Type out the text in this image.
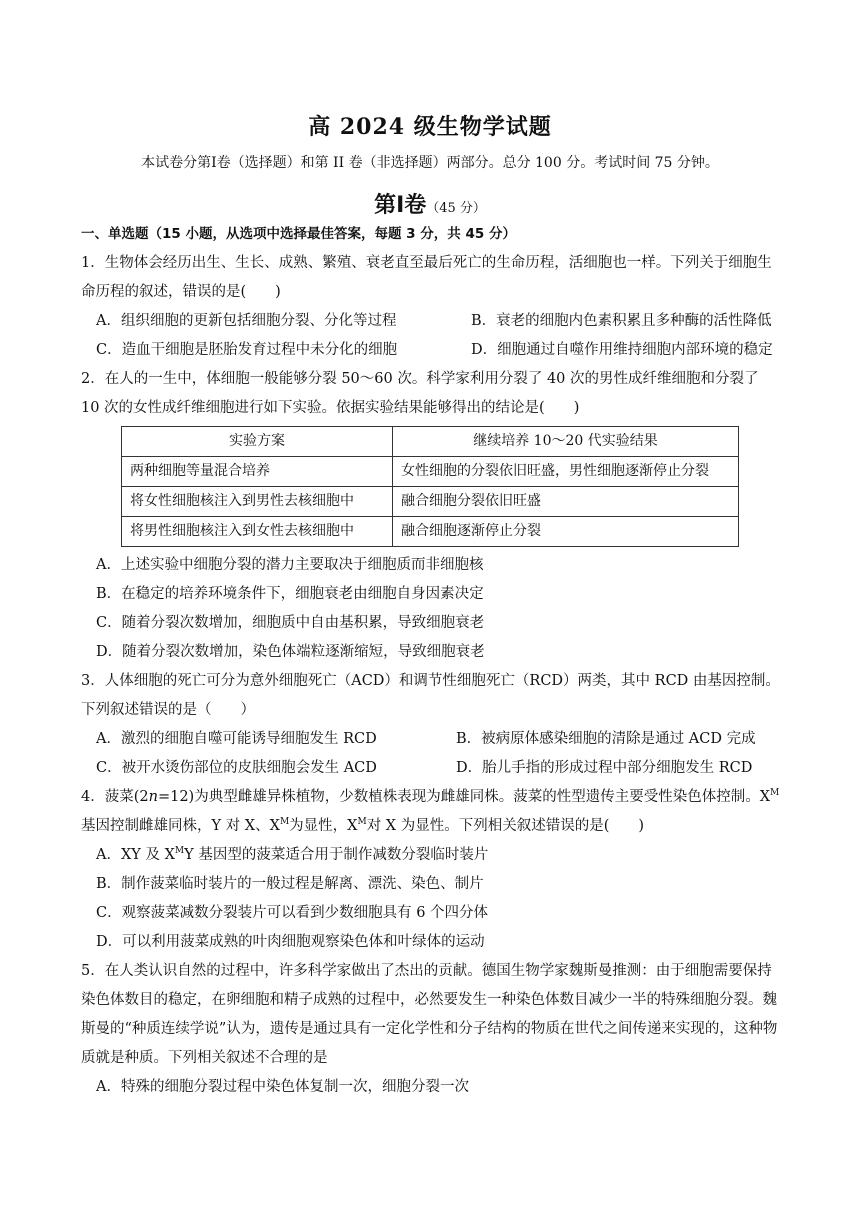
高 2024 级生物学试题
本试卷分第Ⅰ卷（选择题）和第 II 卷（非选择题）两部分。总分 100 分。考试时间 75 分钟。
第Ⅰ卷（45 分）

一、单选题（15 小题，从选项中选择最佳答案，每题 3 分，共 45 分）

1．生物体会经历出生、生长、成熟、繁殖、衰老直至最后死亡的生命历程，活细胞也一样。下列关于细胞生命历程的叙述，错误的是(　　)

A．组织细胞的更新包括细胞分裂、分化等过程	B．衰老的细胞内色素积累且多种酶的活性降低
C．造血干细胞是胚胎发育过程中未分化的细胞	D．细胞通过自噬作用维持细胞内部环境的稳定

2．在人的一生中，体细胞一般能够分裂 50～60 次。科学家利用分裂了 40 次的男性成纤维细胞和分裂了 10 次的女性成纤维细胞进行如下实验。依据实验结果能够得出的结论是(　　)

实验方案	继续培养 10～20 代实验结果
两种细胞等量混合培养	女性细胞的分裂依旧旺盛，男性细胞逐渐停止分裂
将女性细胞核注入到男性去核细胞中	融合细胞分裂依旧旺盛
将男性细胞核注入到女性去核细胞中	融合细胞逐渐停止分裂

A．上述实验中细胞分裂的潜力主要取决于细胞质而非细胞核

B．在稳定的培养环境条件下，细胞衰老由细胞自身因素决定

C．随着分裂次数增加，细胞质中自由基积累，导致细胞衰老

D．随着分裂次数增加，染色体端粒逐渐缩短，导致细胞衰老

3．人体细胞的死亡可分为意外细胞死亡（ACD）和调节性细胞死亡（RCD）两类，其中 RCD 由基因控制。下列叙述错误的是（　　）

A．激烈的细胞自噬可能诱导细胞发生 RCD	B．被病原体感染细胞的清除是通过 ACD 完成
C．被开水烫伤部位的皮肤细胞会发生 ACD	D．胎儿手指的形成过程中部分细胞发生 RCD

4．菠菜(2n=12)为典型雌雄异株植物，少数植株表现为雌雄同株。菠菜的性型遗传主要受性染色体控制。$X^M$基因控制雌雄同株，Y 对 X、$X^M$为显性，$X^M$对 X 为显性。下列相关叙述错误的是(　　)

A．XY 及 $X^MY$ 基因型的菠菜适合用于制作减数分裂临时装片

B．制作菠菜临时装片的一般过程是解离、漂洗、染色、制片

C．观察菠菜减数分裂装片可以看到少数细胞具有 6 个四分体

D．可以利用菠菜成熟的叶肉细胞观察染色体和叶绿体的运动

5．在人类认识自然的过程中，许多科学家做出了杰出的贡献。德国生物学家魏斯曼推测：由于细胞需要保持染色体数目的稳定，在卵细胞和精子成熟的过程中，必然要发生一种染色体数目减少一半的特殊细胞分裂。魏斯曼的“种质连续学说”认为，遗传是通过具有一定化学性和分子结构的物质在世代之间传递来实现的，这种物质就是种质。下列相关叙述不合理的是

A．特殊的细胞分裂过程中染色体复制一次，细胞分裂一次
